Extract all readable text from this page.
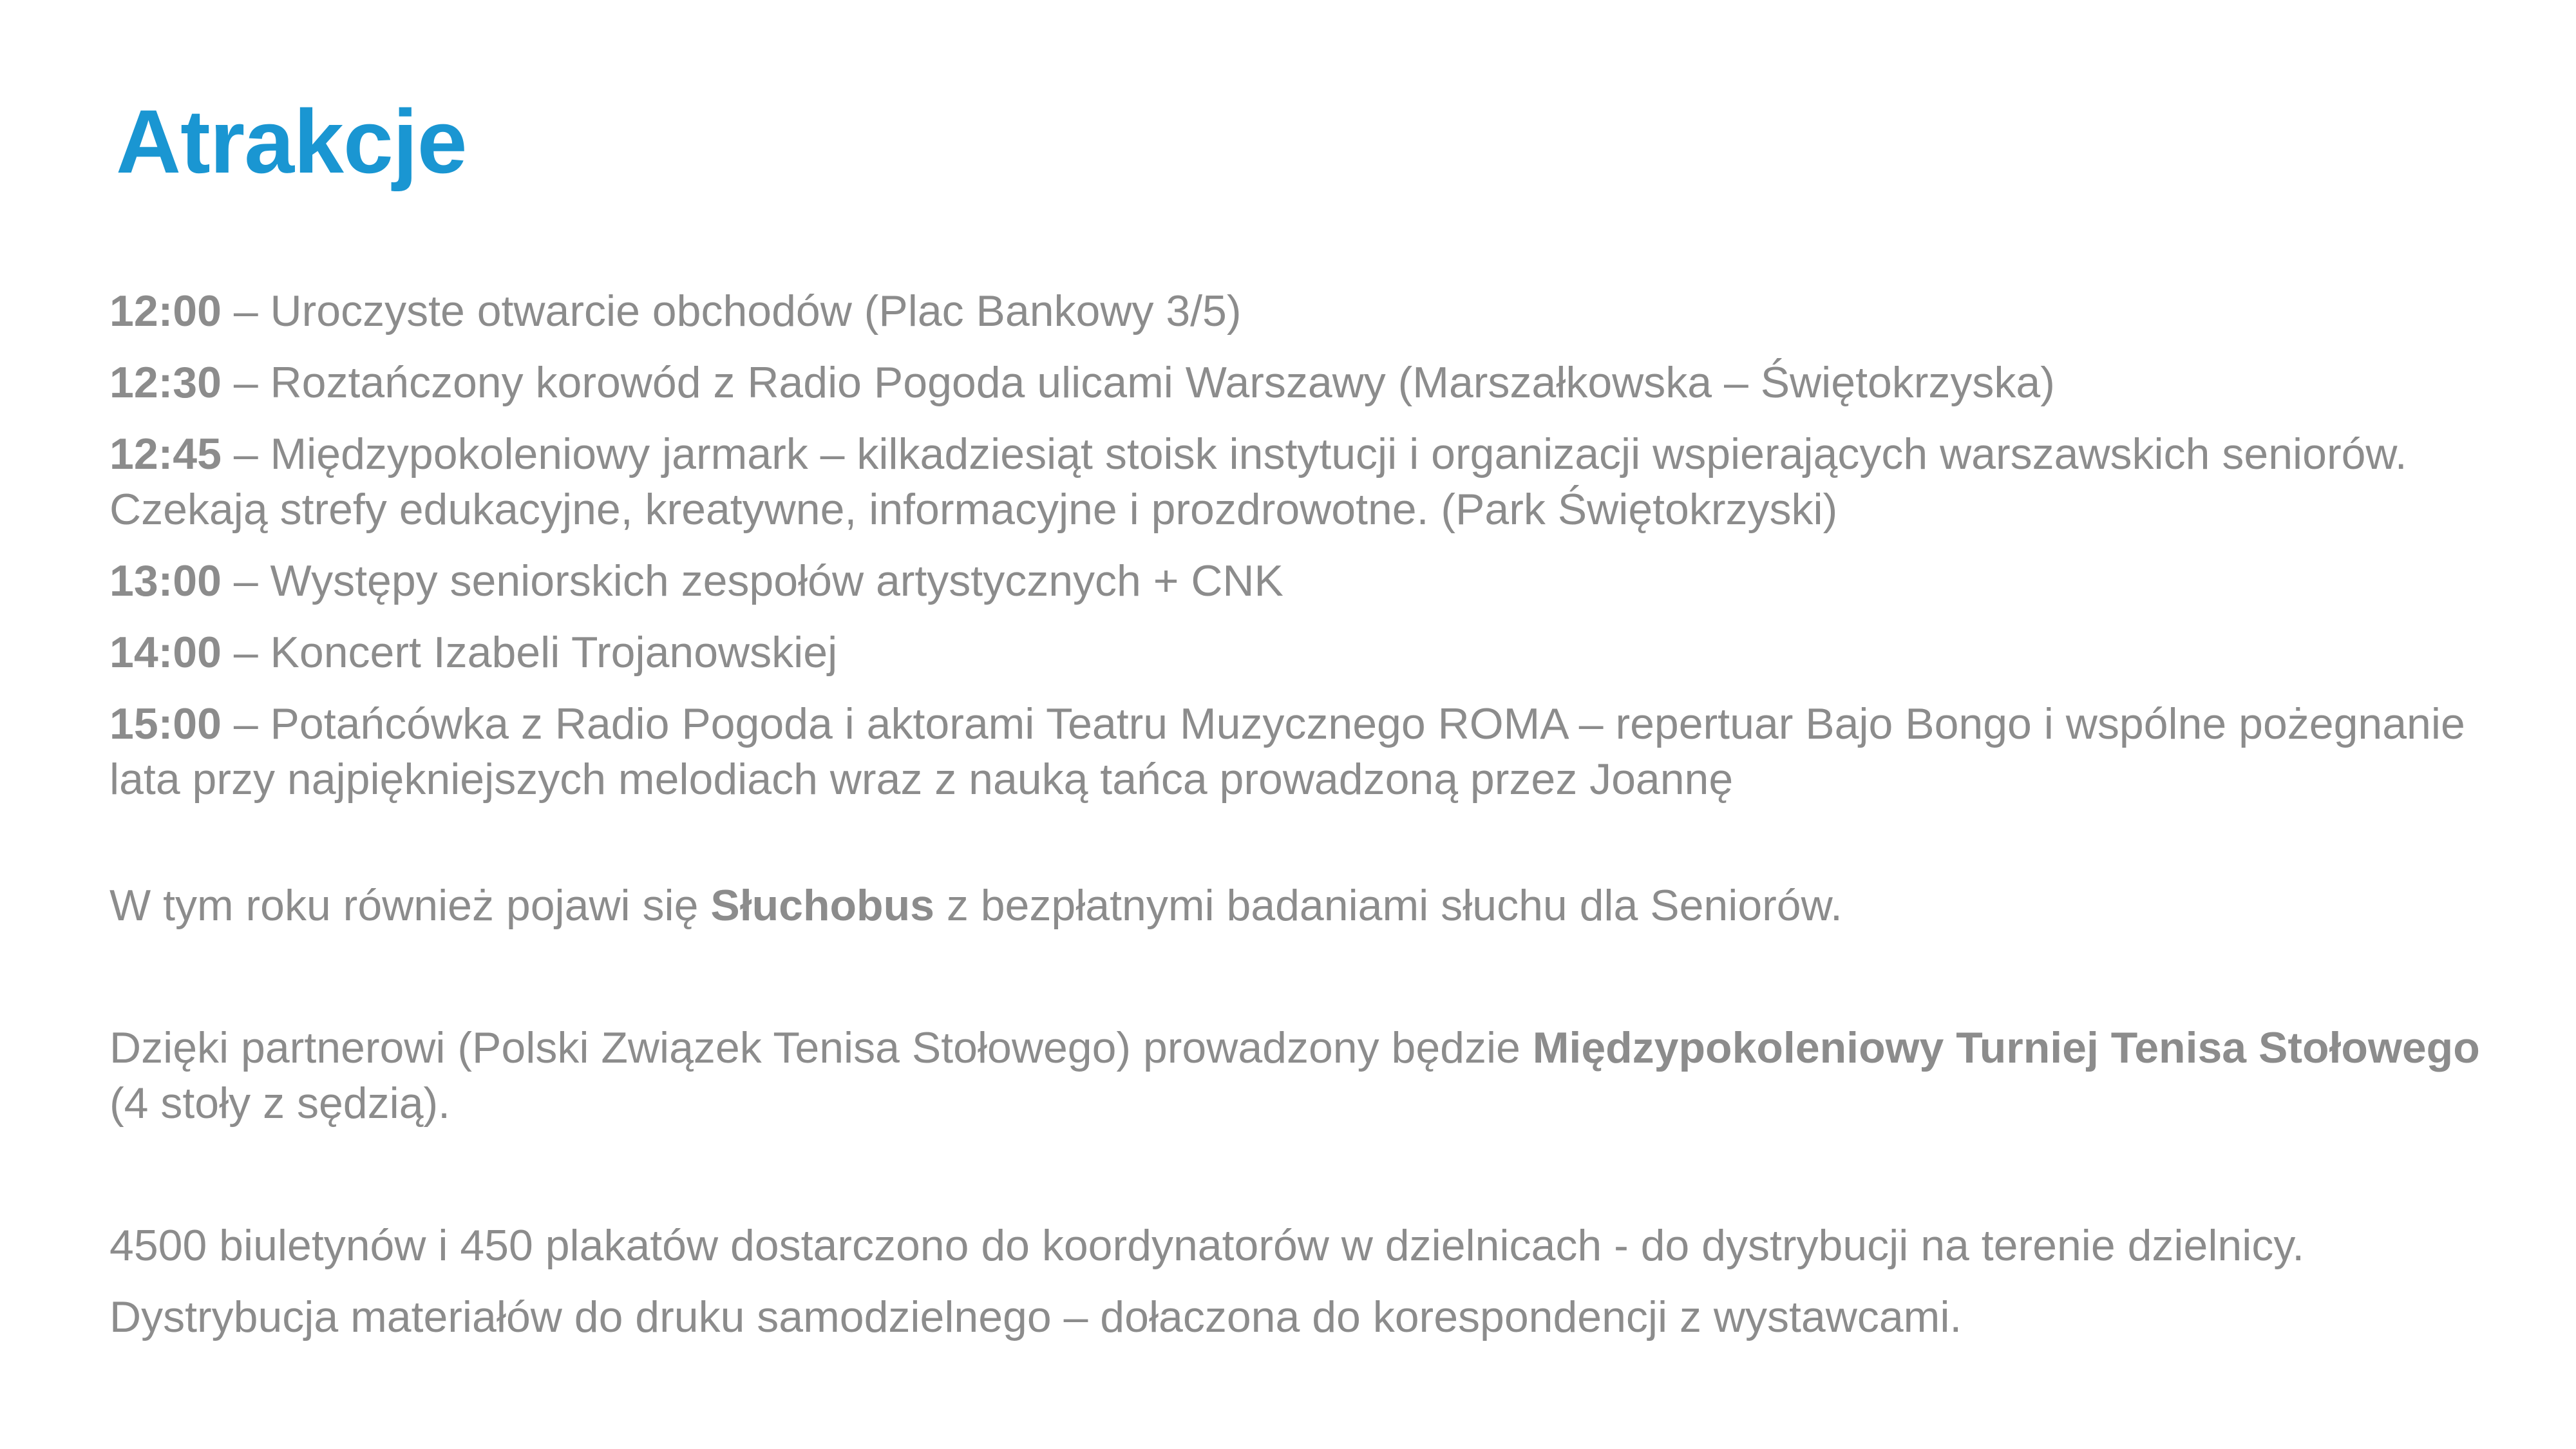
Atrakcje
12:00 – Uroczyste otwarcie obchodów (Plac Bankowy 3/5)
12:30 – Roztańczony korowód z Radio Pogoda ulicami Warszawy (Marszałkowska – Świętokrzyska)
12:45 – Międzypokoleniowy jarmark – kilkadziesiąt stoisk instytucji i organizacji wspierających warszawskich seniorów. Czekają strefy edukacyjne, kreatywne, informacyjne i prozdrowotne. (Park Świętokrzyski)
13:00 – Występy seniorskich zespołów artystycznych + CNK
14:00 – Koncert Izabeli Trojanowskiej
15:00 – Potańcówka z Radio Pogoda i aktorami Teatru Muzycznego ROMA – repertuar Bajo Bongo i wspólne pożegnanie lata przy najpiękniejszych melodiach wraz z nauką tańca prowadzoną przez Joannę

W tym roku również pojawi się Słuchobus z bezpłatnymi badaniami słuchu dla Seniorów.

Dzięki partnerowi (Polski Związek Tenisa Stołowego) prowadzony będzie Międzypokoleniowy Turniej Tenisa Stołowego (4 stoły z sędzią).

4500 biuletynów i 450 plakatów dostarczono do koordynatorów w dzielnicach - do dystrybucji na terenie dzielnicy.

Dystrybucja materiałów do druku samodzielnego – dołaczona do korespondencji z wystawcami.
